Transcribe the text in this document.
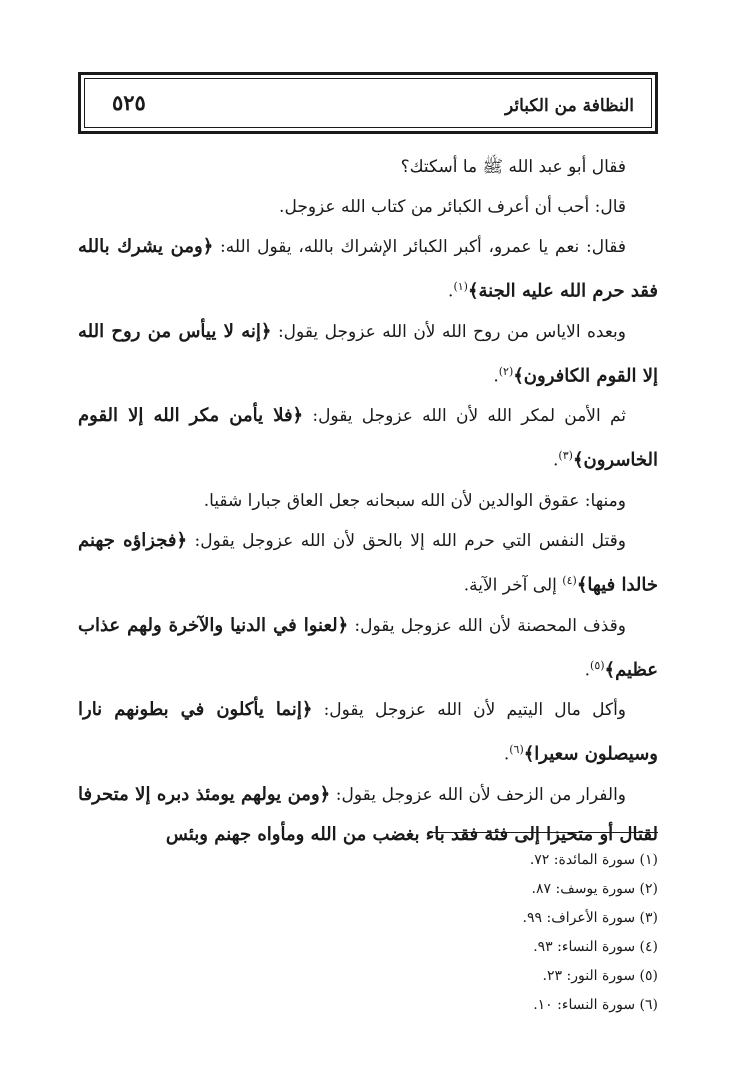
٥٢٥	النظافة من الكبائر

فقال أبو عبد الله ﷺ ما أسكتك؟

قال: أحب أن أعرف الكبائر من كتاب الله عزوجل.

فقال: نعم يا عمرو، أكبر الكبائر الإشراك بالله، يقول الله: ﴿ومن يشرك بالله فقد حرم الله عليه الجنة﴾$^{(١)}$.

وبعده الاياس من روح الله لأن الله عزوجل يقول: ﴿إنه لا ييأس من روح الله إلا القوم الكافرون﴾$^{(٢)}$.

ثم الأمن لمكر الله لأن الله عزوجل يقول: ﴿فلا يأمن مكر الله إلا القوم الخاسرون﴾$^{(٣)}$.

ومنها: عقوق الوالدين لأن الله سبحانه جعل العاق جبارا شقيا.

وقتل النفس التي حرم الله إلا بالحق لأن الله عزوجل يقول: ﴿فجزاؤه جهنم خالدا فيها﴾$^{(٤)}$ إلى آخر الآية.

وقذف المحصنة لأن الله عزوجل يقول: ﴿لعنوا في الدنيا والآخرة ولهم عذاب عظيم﴾$^{(٥)}$.

وأكل مال اليتيم لأن الله عزوجل يقول: ﴿إنما يأكلون في بطونهم نارا وسيصلون سعيرا﴾$^{(٦)}$.

والفرار من الزحف لأن الله عزوجل يقول: ﴿ومن يولهم يومئذ دبره إلا متحرفا لقتال أو متحيزا إلى فئة فقد باء بغضب من الله ومأواه جهنم وبئس

(١) سورة المائدة: ٧٢.
(٢) سورة يوسف: ٨٧.
(٣) سورة الأعراف: ٩٩.
(٤) سورة النساء: ٩٣.
(٥) سورة النور: ٢٣.
(٦) سورة النساء: ١٠.
